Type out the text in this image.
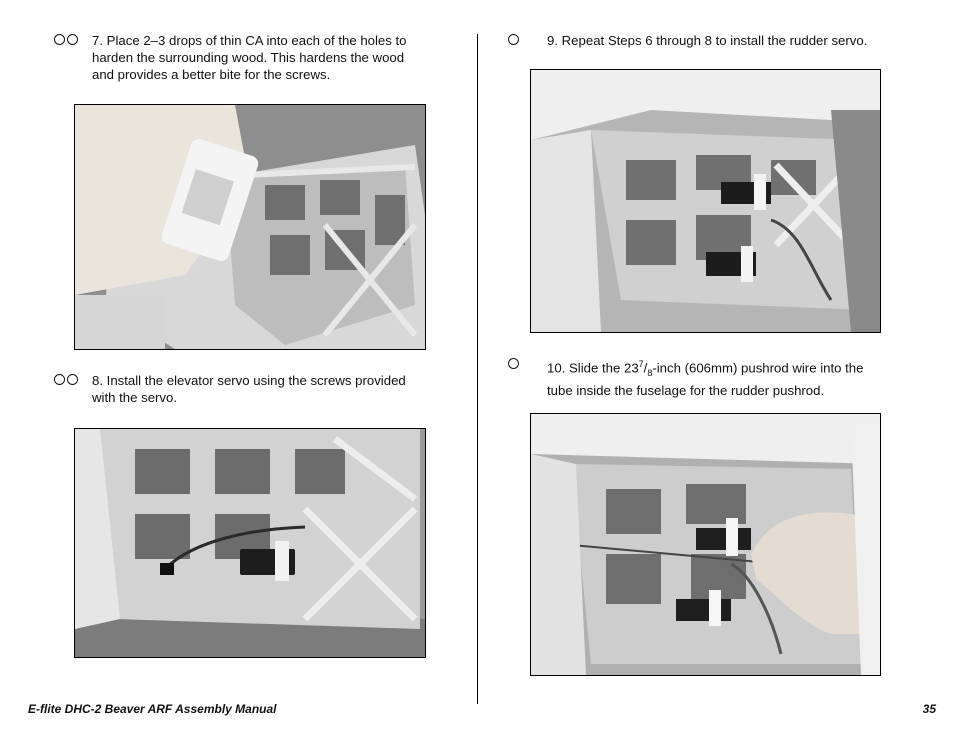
7. Place 2–3 drops of thin CA into each of the holes to
harden the surrounding wood. This hardens the wood
and provides a better bite for the screws.
8. Install the elevator servo using the screws provided
with the servo.
9. Repeat Steps 6 through 8 to install the rudder servo.
10. Slide the $23^7/_8$-inch (606mm) pushrod wire into the
tube inside the fuselage for the rudder pushrod.
E-flite DHC-2 Beaver ARF Assembly Manual	35
